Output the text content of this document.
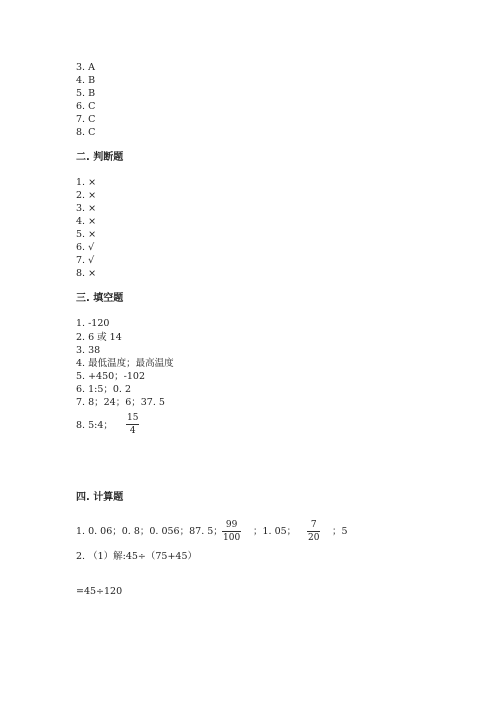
3. A
4. B
5. B
6. C
7. C
8. C
二. 判断题
1. ×
2. ×
3. ×
4. ×
5. ×
6. √
7. √
8. ×
三. 填空题
1. -120
2. 6 或 14
3. 38
4. 最低温度；最高温度
5. +450；-102
6. 1:5；0. 2
7. 8；24；6；37. 5
8. 5:4；
15
4
四. 计算题
1. 0. 06；0. 8；0. 056；87. 5；
99
100
；1. 05；
7
20
；5
2. （1）解:45÷（75+45）
=45÷120
